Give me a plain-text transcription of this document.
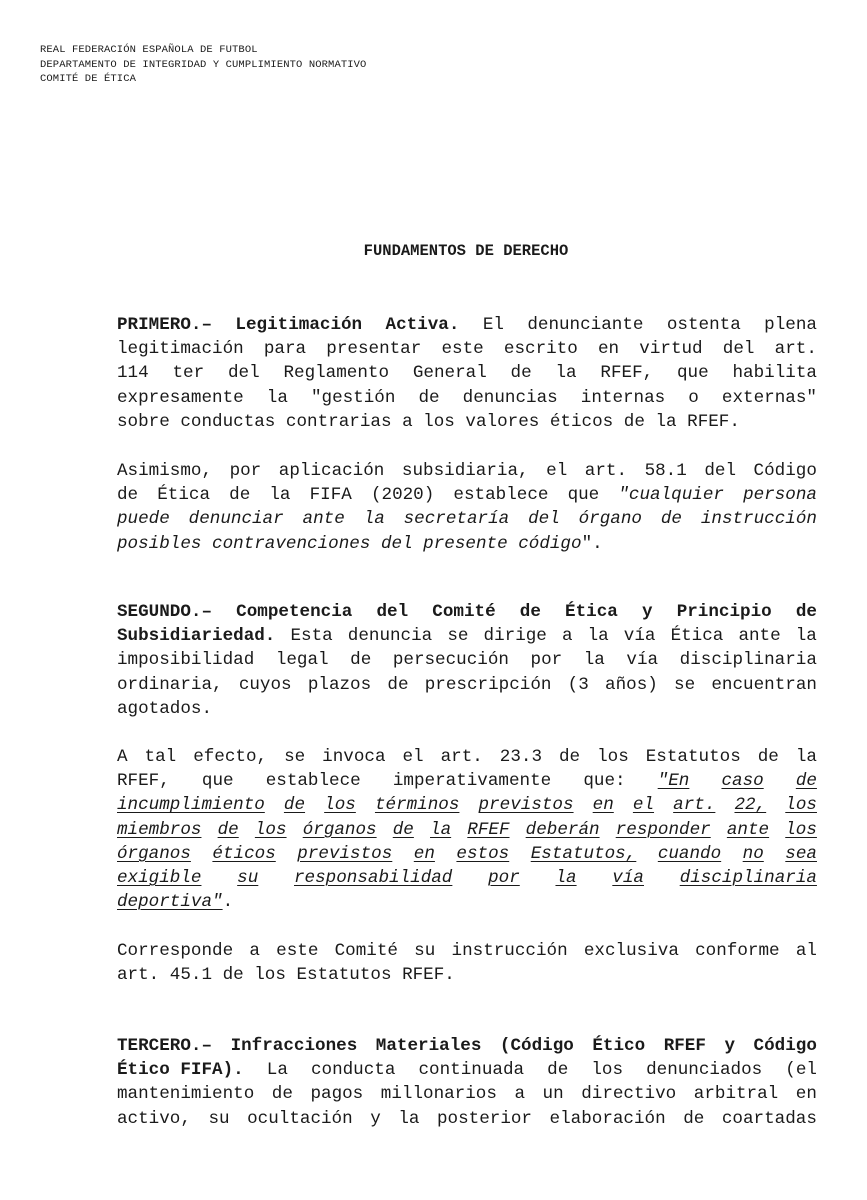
REAL FEDERACIÓN ESPAÑOLA DE FUTBOL
DEPARTAMENTO DE INTEGRIDAD Y CUMPLIMIENTO NORMATIVO
COMITÉ DE ÉTICA
FUNDAMENTOS DE DERECHO
PRIMERO.– Legitimación Activa. El denunciante ostenta plena
legitimación para presentar este escrito en virtud del art.
114 ter del Reglamento General de la RFEF, que habilita
expresamente la "gestión de denuncias internas o externas"
sobre conductas contrarias a los valores éticos de la RFEF.
Asimismo, por aplicación subsidiaria, el art. 58.1 del Código
de Ética de la FIFA (2020) establece que "cualquier persona
puede denunciar ante la secretaría del órgano de instrucción
posibles contravenciones del presente código ".
SEGUNDO.– Competencia del Comité de Ética y Principio de
Subsidiariedad. Esta denuncia se dirige a la vía Ética ante la
imposibilidad legal de persecución por la vía disciplinaria
ordinaria, cuyos plazos de prescripción (3 años) se encuentran
agotados.
A tal efecto, se invoca el art. 23.3 de los Estatutos de la
RFEF, que establece imperativamente que: "En caso de
incumplimiento de los términos previstos en el art. 22, los
miembros de los órganos de la RFEF deberán responder ante los
órganos éticos previstos en estos Estatutos, cuando no sea
exigible su responsabilidad por la vía disciplinaria
deportiva" .
Corresponde a este Comité su instrucción exclusiva conforme al
art. 45.1 de los Estatutos RFEF.
TERCERO.– Infracciones Materiales (Código Ético RFEF y Código
Ético FIFA). La conducta continuada de los denunciados (el
mantenimiento de pagos millonarios a un directivo arbitral en
activo, su ocultación y la posterior elaboración de coartadas
